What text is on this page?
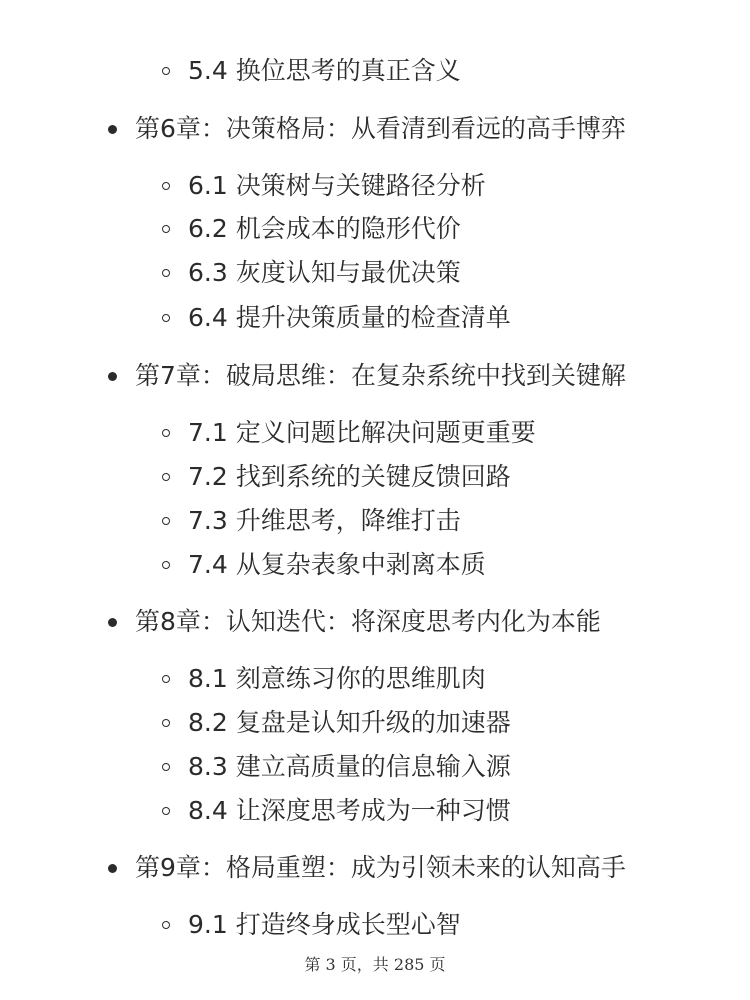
5.4 换位思考的真正含义
第6章：决策格局：从看清到看远的高手博弈
6.1 决策树与关键路径分析
6.2 机会成本的隐形代价
6.3 灰度认知与最优决策
6.4 提升决策质量的检查清单
第7章：破局思维：在复杂系统中找到关键解
7.1 定义问题比解决问题更重要
7.2 找到系统的关键反馈回路
7.3 升维思考，降维打击
7.4 从复杂表象中剥离本质
第8章：认知迭代：将深度思考内化为本能
8.1 刻意练习你的思维肌肉
8.2 复盘是认知升级的加速器
8.3 建立高质量的信息输入源
8.4 让深度思考成为一种习惯
第9章：格局重塑：成为引领未来的认知高手
9.1 打造终身成长型心智
第 3 页，共 285 页
